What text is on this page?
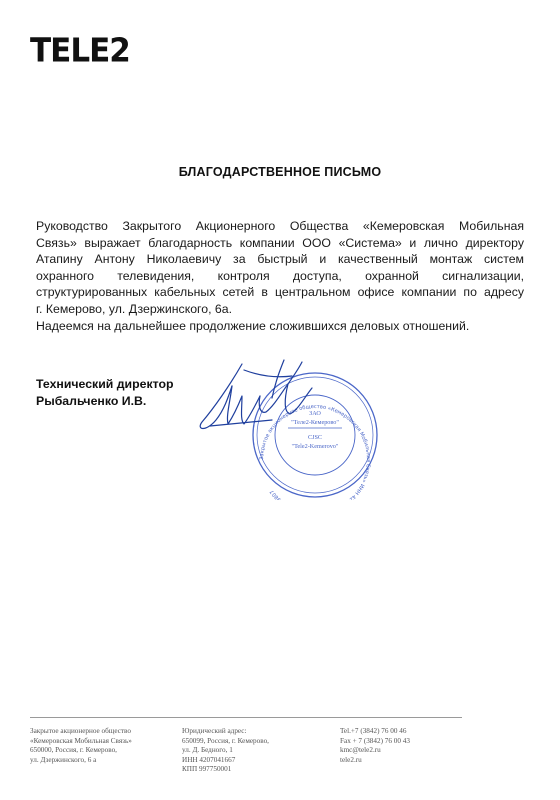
TELE2
БЛАГОДАРСТВЕННОЕ ПИСЬМО

Руководство Закрытого Акционерного Общества «Кемеровская Мобильная

Связь» выражает благодарность компании ООО «Система» и лично директору

Атапину Антону Николаевичу за быстрый и качественный монтаж систем

охранного телевидения, контроля доступа, охранной сигнализации,

структурированных кабельных сетей в центральном офисе компании по адресу

г. Кемерово, ул. Дзержинского, 6а.

Надеемся на дальнейшее продолжение сложившихся деловых отношений.

Технический директор
Рыбальченко И.В.
Закрытое акционерное общество «Кемеровская Мобильная Связь» ИНН 42 9807
ЗАО
"Теле2-Кемерово"
CJSC
"Tele2-Kemerovo"
Закрытое акционерное общество
«Кемеровская Мобильная Связь»
650000, Россия, г. Кемерово,
ул. Дзержинского, 6 а
Юридический адрес:
650099, Россия, г. Кемерово,
ул. Д. Бедного, 1
ИНН 4207041667
КПП 997750001
Tel.+7 (3842) 76 00 46
Fax + 7 (3842) 76 00 43
kmc@tele2.ru
tele2.ru
